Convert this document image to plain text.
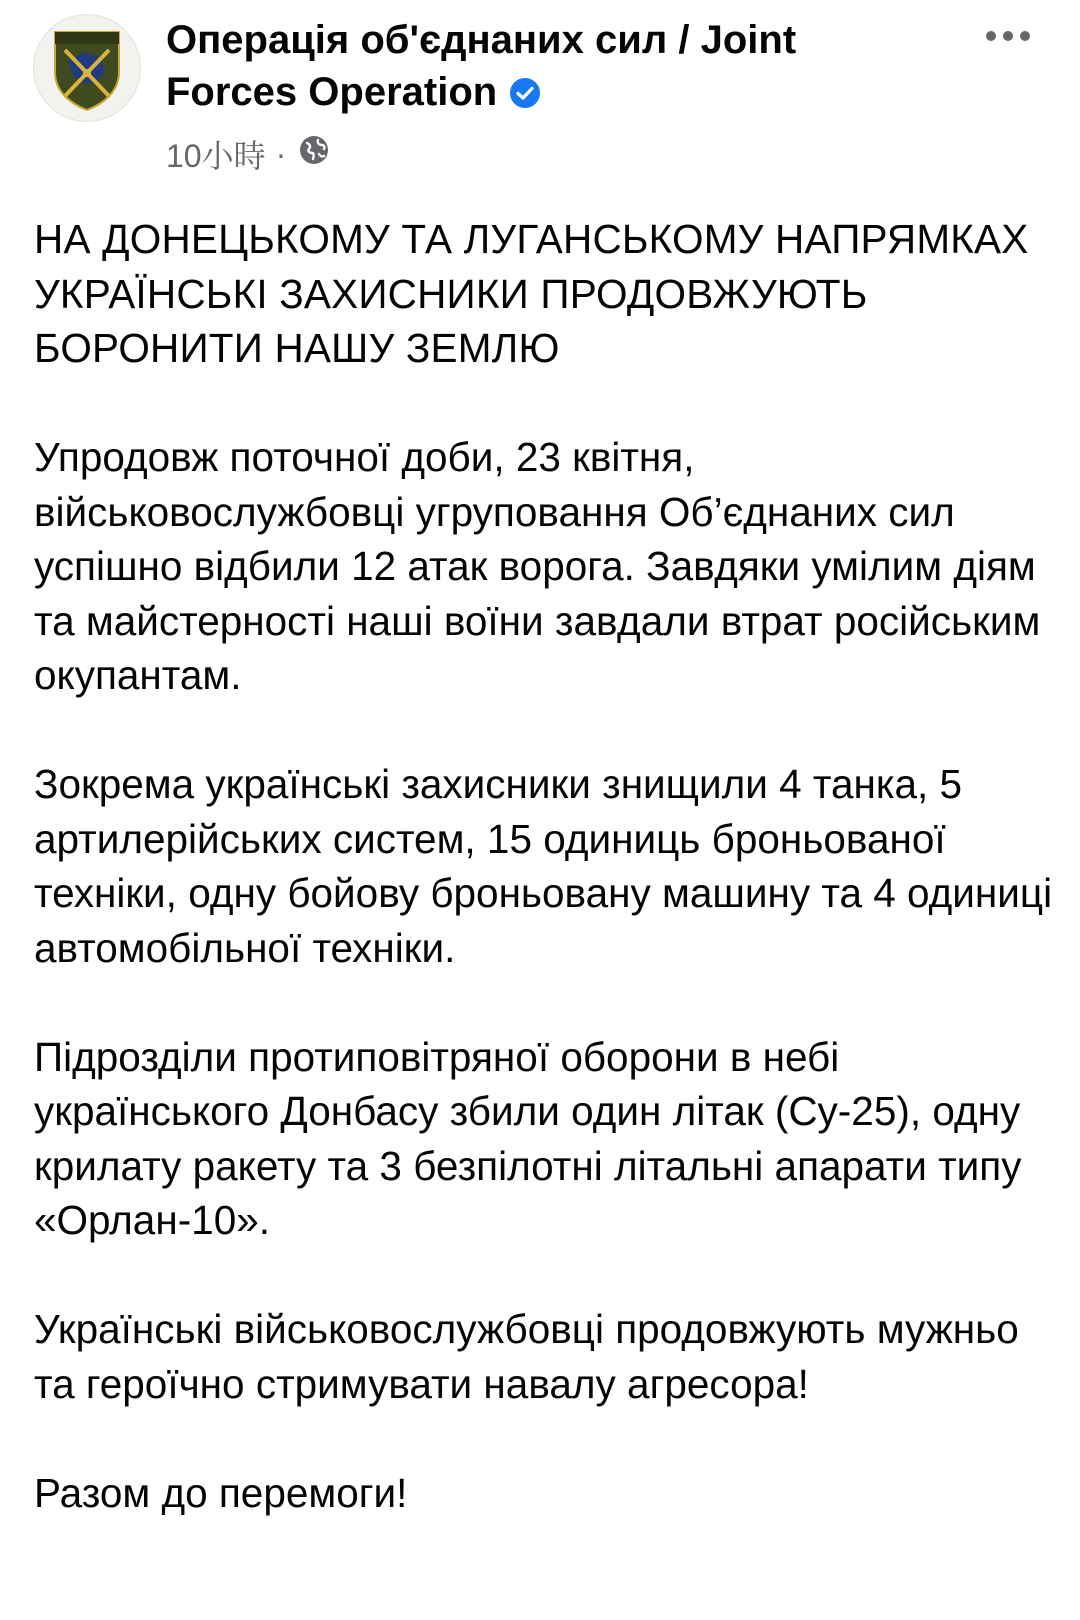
Операція об'єднаних сил / Joint Forces Operation
10小時 ·

НА ДОНЕЦЬКОМУ ТА ЛУГАНСЬКОМУ НАПРЯМКАХ УКРАЇНСЬКІ ЗАХИСНИКИ ПРОДОВЖУЮТЬ БОРОНИТИ НАШУ ЗЕМЛЮ

Упродовж поточної доби, 23 квітня, військовослужбовці угруповання Об’єднаних сил успішно відбили 12 атак ворога. Завдяки умілим діям та майстерності наші воїни завдали втрат російським окупантам.

Зокрема українські захисники знищили 4 танка, 5 артилерійських систем, 15 одиниць броньованої техніки, одну бойову броньовану машину та 4 одиниці автомобільної техніки.

Підрозділи протиповітряної оборони в небі українського Донбасу збили один літак (Су-25), одну крилату ракету та 3 безпілотні літальні апарати типу «Орлан-10».

Українські військовослужбовці продовжують мужньо та героїчно стримувати навалу агресора!

Разом до перемоги!
